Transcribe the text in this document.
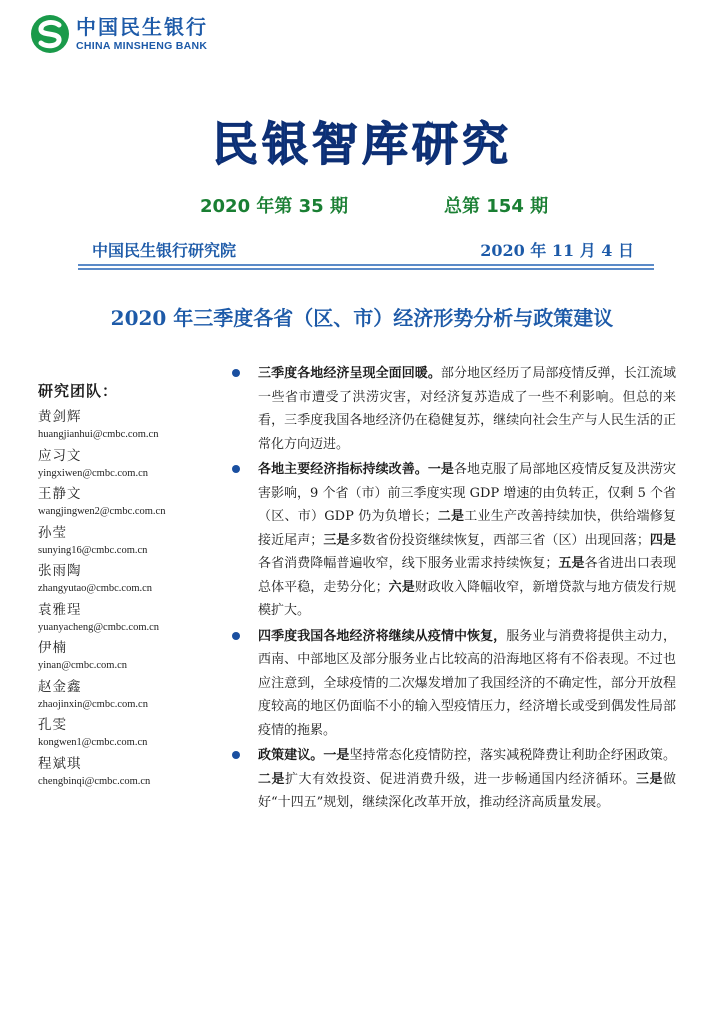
中国民生银行
CHINA MINSHENG BANK
民银智库研究
2020 年第 35 期	总第 154 期
中国民生银行研究院	2020 年 11 月 4 日
2020 年三季度各省（区、市）经济形势分析与政策建议
研究团队：
黄剑辉
huangjianhui@cmbc.com.cn
应习文
yingxiwen@cmbc.com.cn
王静文
wangjingwen2@cmbc.com.cn
孙莹
sunying16@cmbc.com.cn
张雨陶
zhangyutao@cmbc.com.cn
袁雅珵
yuanyacheng@cmbc.com.cn
伊楠
yinan@cmbc.com.cn
赵金鑫
zhaojinxin@cmbc.com.cn
孔雯
kongwen1@cmbc.com.cn
程斌琪
chengbinqi@cmbc.com.cn
三季度各地经济呈现全面回暖。部分地区经历了局部疫情反弹，长江流域一些省市遭受了洪涝灾害，对经济复苏造成了一些不利影响。但总的来看，三季度我国各地经济仍在稳健复苏，继续向社会生产与人民生活的正常化方向迈进。
各地主要经济指标持续改善。一是各地克服了局部地区疫情反复及洪涝灾害影响，9 个省（市）前三季度实现 GDP 增速的由负转正，仅剩 5 个省（区、市）GDP 仍为负增长；二是工业生产改善持续加快，供给端修复接近尾声；三是多数省份投资继续恢复，西部三省（区）出现回落；四是各省消费降幅普遍收窄，线下服务业需求持续恢复；五是各省进出口表现总体平稳，走势分化；六是财政收入降幅收窄，新增贷款与地方债发行规模扩大。
四季度我国各地经济将继续从疫情中恢复，服务业与消费将提供主动力，西南、中部地区及部分服务业占比较高的沿海地区将有不俗表现。不过也应注意到，全球疫情的二次爆发增加了我国经济的不确定性，部分开放程度较高的地区仍面临不小的输入型疫情压力，经济增长或受到偶发性局部疫情的拖累。
政策建议。一是坚持常态化疫情防控，落实减税降费让利助企纾困政策。二是扩大有效投资、促进消费升级，进一步畅通国内经济循环。三是做好“十四五”规划，继续深化改革开放，推动经济高质量发展。
